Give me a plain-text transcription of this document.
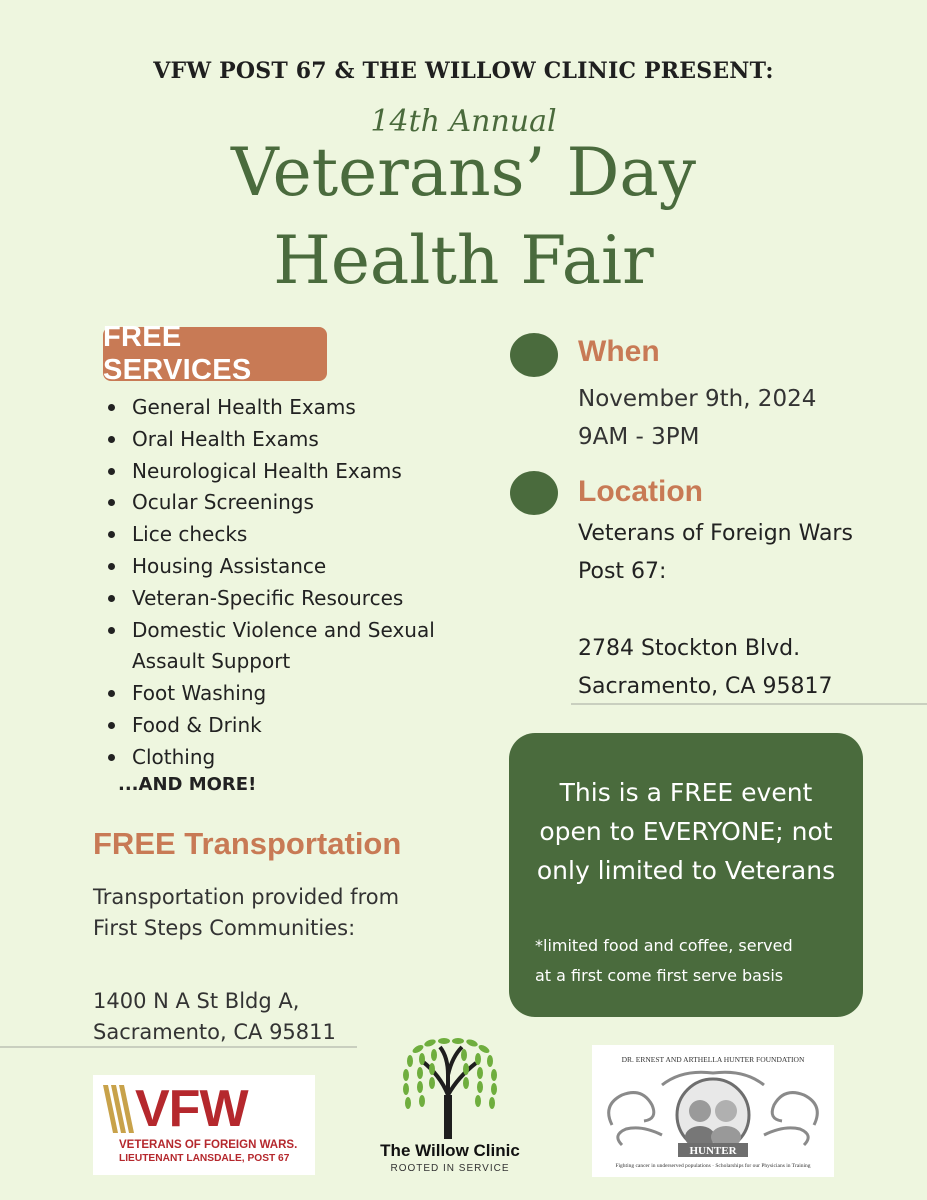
VFW POST 67 & THE WILLOW CLINIC PRESENT:
14th Annual
Veterans’ Day
Health Fair
FREE SERVICES
General Health Exams
Oral Health Exams
Neurological Health Exams
Ocular Screenings
Lice checks
Housing Assistance
Veteran-Specific Resources
Domestic Violence and Sexual Assault Support
Foot Washing
Food & Drink
Clothing
...AND MORE!
FREE Transportation
Transportation provided from
First Steps Communities:
1400 N A St Bldg A,
Sacramento, CA 95811
When
November 9th, 2024
9AM - 3PM
Location
Veterans of Foreign Wars
Post 67:
2784 Stockton Blvd.
Sacramento, CA 95817
This is a FREE event
open to EVERYONE; not
only limited to Veterans
*limited food and coffee, served
at a first come first serve basis
VFW
VETERANS OF FOREIGN WARS.
LIEUTENANT LANSDALE, POST 67	The Willow Clinic
ROOTED IN SERVICE
DR. ERNEST AND ARTHELLA HUNTER FOUNDATION
HUNTER
Fighting cancer in underserved populations · Scholarships for our Physicians in Training
